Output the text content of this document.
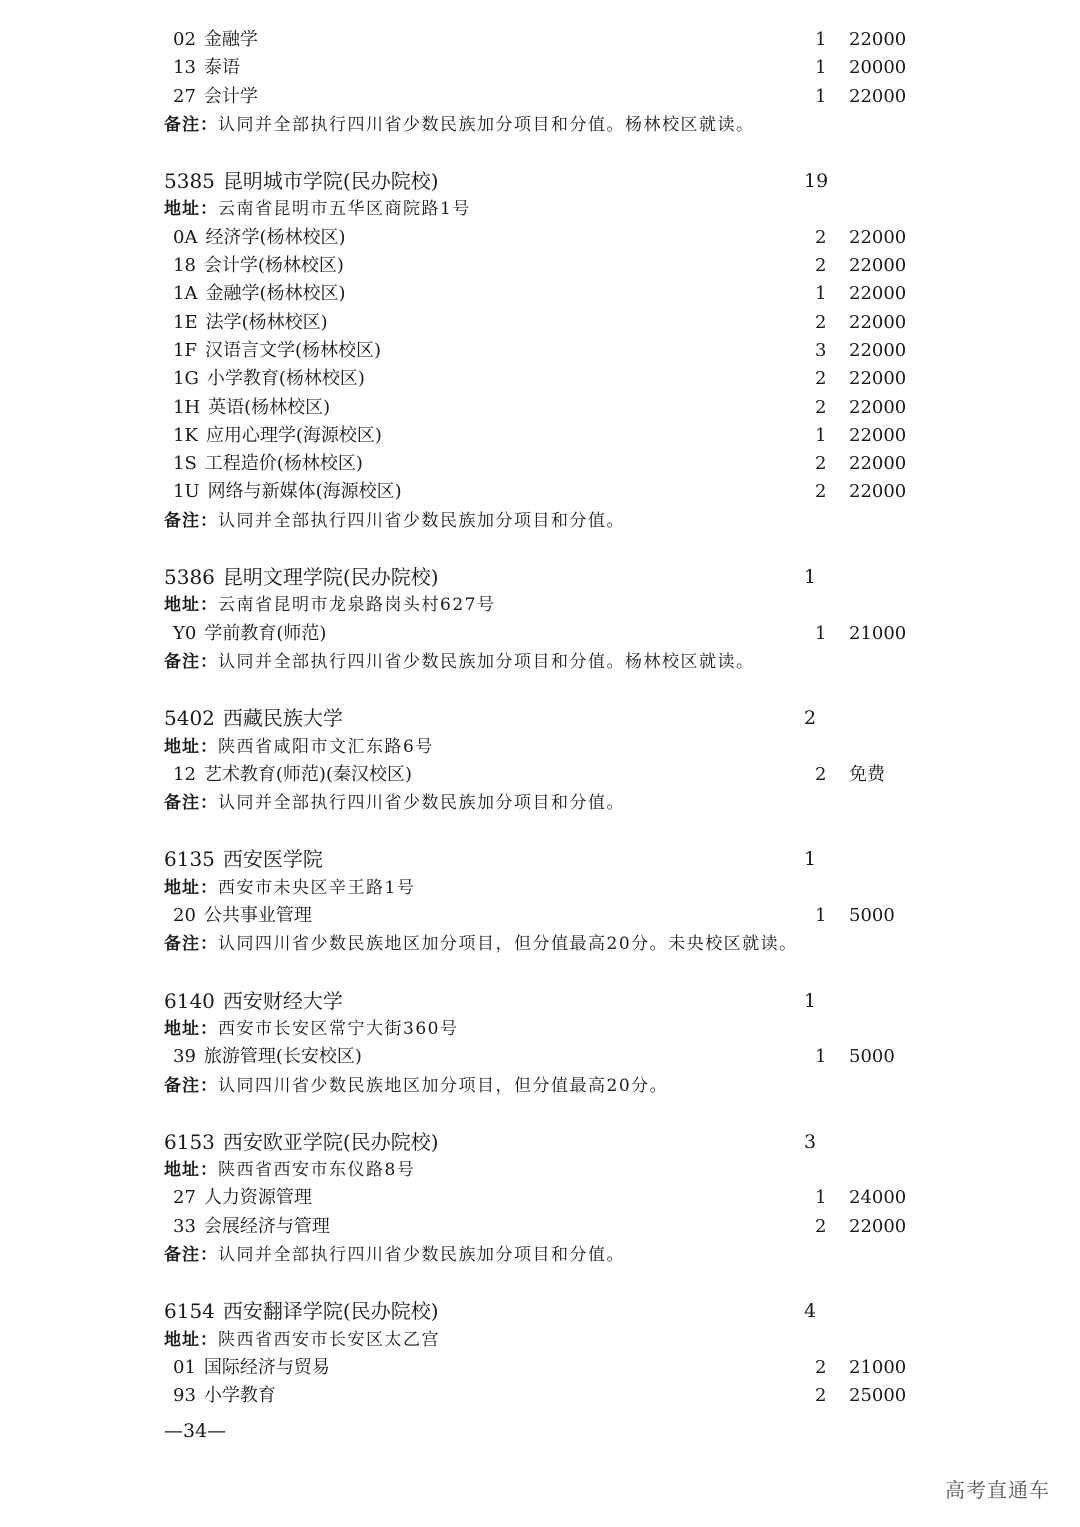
02 金融学	1 22000
13 泰语	1 20000
27 会计学	1 22000
备注：认同并全部执行四川省少数民族加分项目和分值。杨林校区就读。
5385 昆明城市学院(民办院校)	19
地址：云南省昆明市五华区商院路1号
0A 经济学(杨林校区)	2 22000
18 会计学(杨林校区)	2 22000
1A 金融学(杨林校区)	1 22000
1E 法学(杨林校区)	2 22000
1F 汉语言文学(杨林校区)	3 22000
1G 小学教育(杨林校区)	2 22000
1H 英语(杨林校区)	2 22000
1K 应用心理学(海源校区)	1 22000
1S 工程造价(杨林校区)	2 22000
1U 网络与新媒体(海源校区)	2 22000
备注：认同并全部执行四川省少数民族加分项目和分值。
5386 昆明文理学院(民办院校)	1
地址：云南省昆明市龙泉路岗头村627号
Y0 学前教育(师范)	1 21000
备注：认同并全部执行四川省少数民族加分项目和分值。杨林校区就读。
5402 西藏民族大学	2
地址：陕西省咸阳市文汇东路6号
12 艺术教育(师范)(秦汉校区)	2 免费
备注：认同并全部执行四川省少数民族加分项目和分值。
6135 西安医学院	1
地址：西安市未央区辛王路1号
20 公共事业管理	1 5000
备注：认同四川省少数民族地区加分项目，但分值最高20分。未央校区就读。
6140 西安财经大学	1
地址：西安市长安区常宁大街360号
39 旅游管理(长安校区)	1 5000
备注：认同四川省少数民族地区加分项目，但分值最高20分。
6153 西安欧亚学院(民办院校)	3
地址：陕西省西安市东仪路8号
27 人力资源管理	1 24000
33 会展经济与管理	2 22000
备注：认同并全部执行四川省少数民族加分项目和分值。
6154 西安翻译学院(民办院校)	4
地址：陕西省西安市长安区太乙宫
01 国际经济与贸易	2 21000
93 小学教育	2 25000
—34—
高考直通车
